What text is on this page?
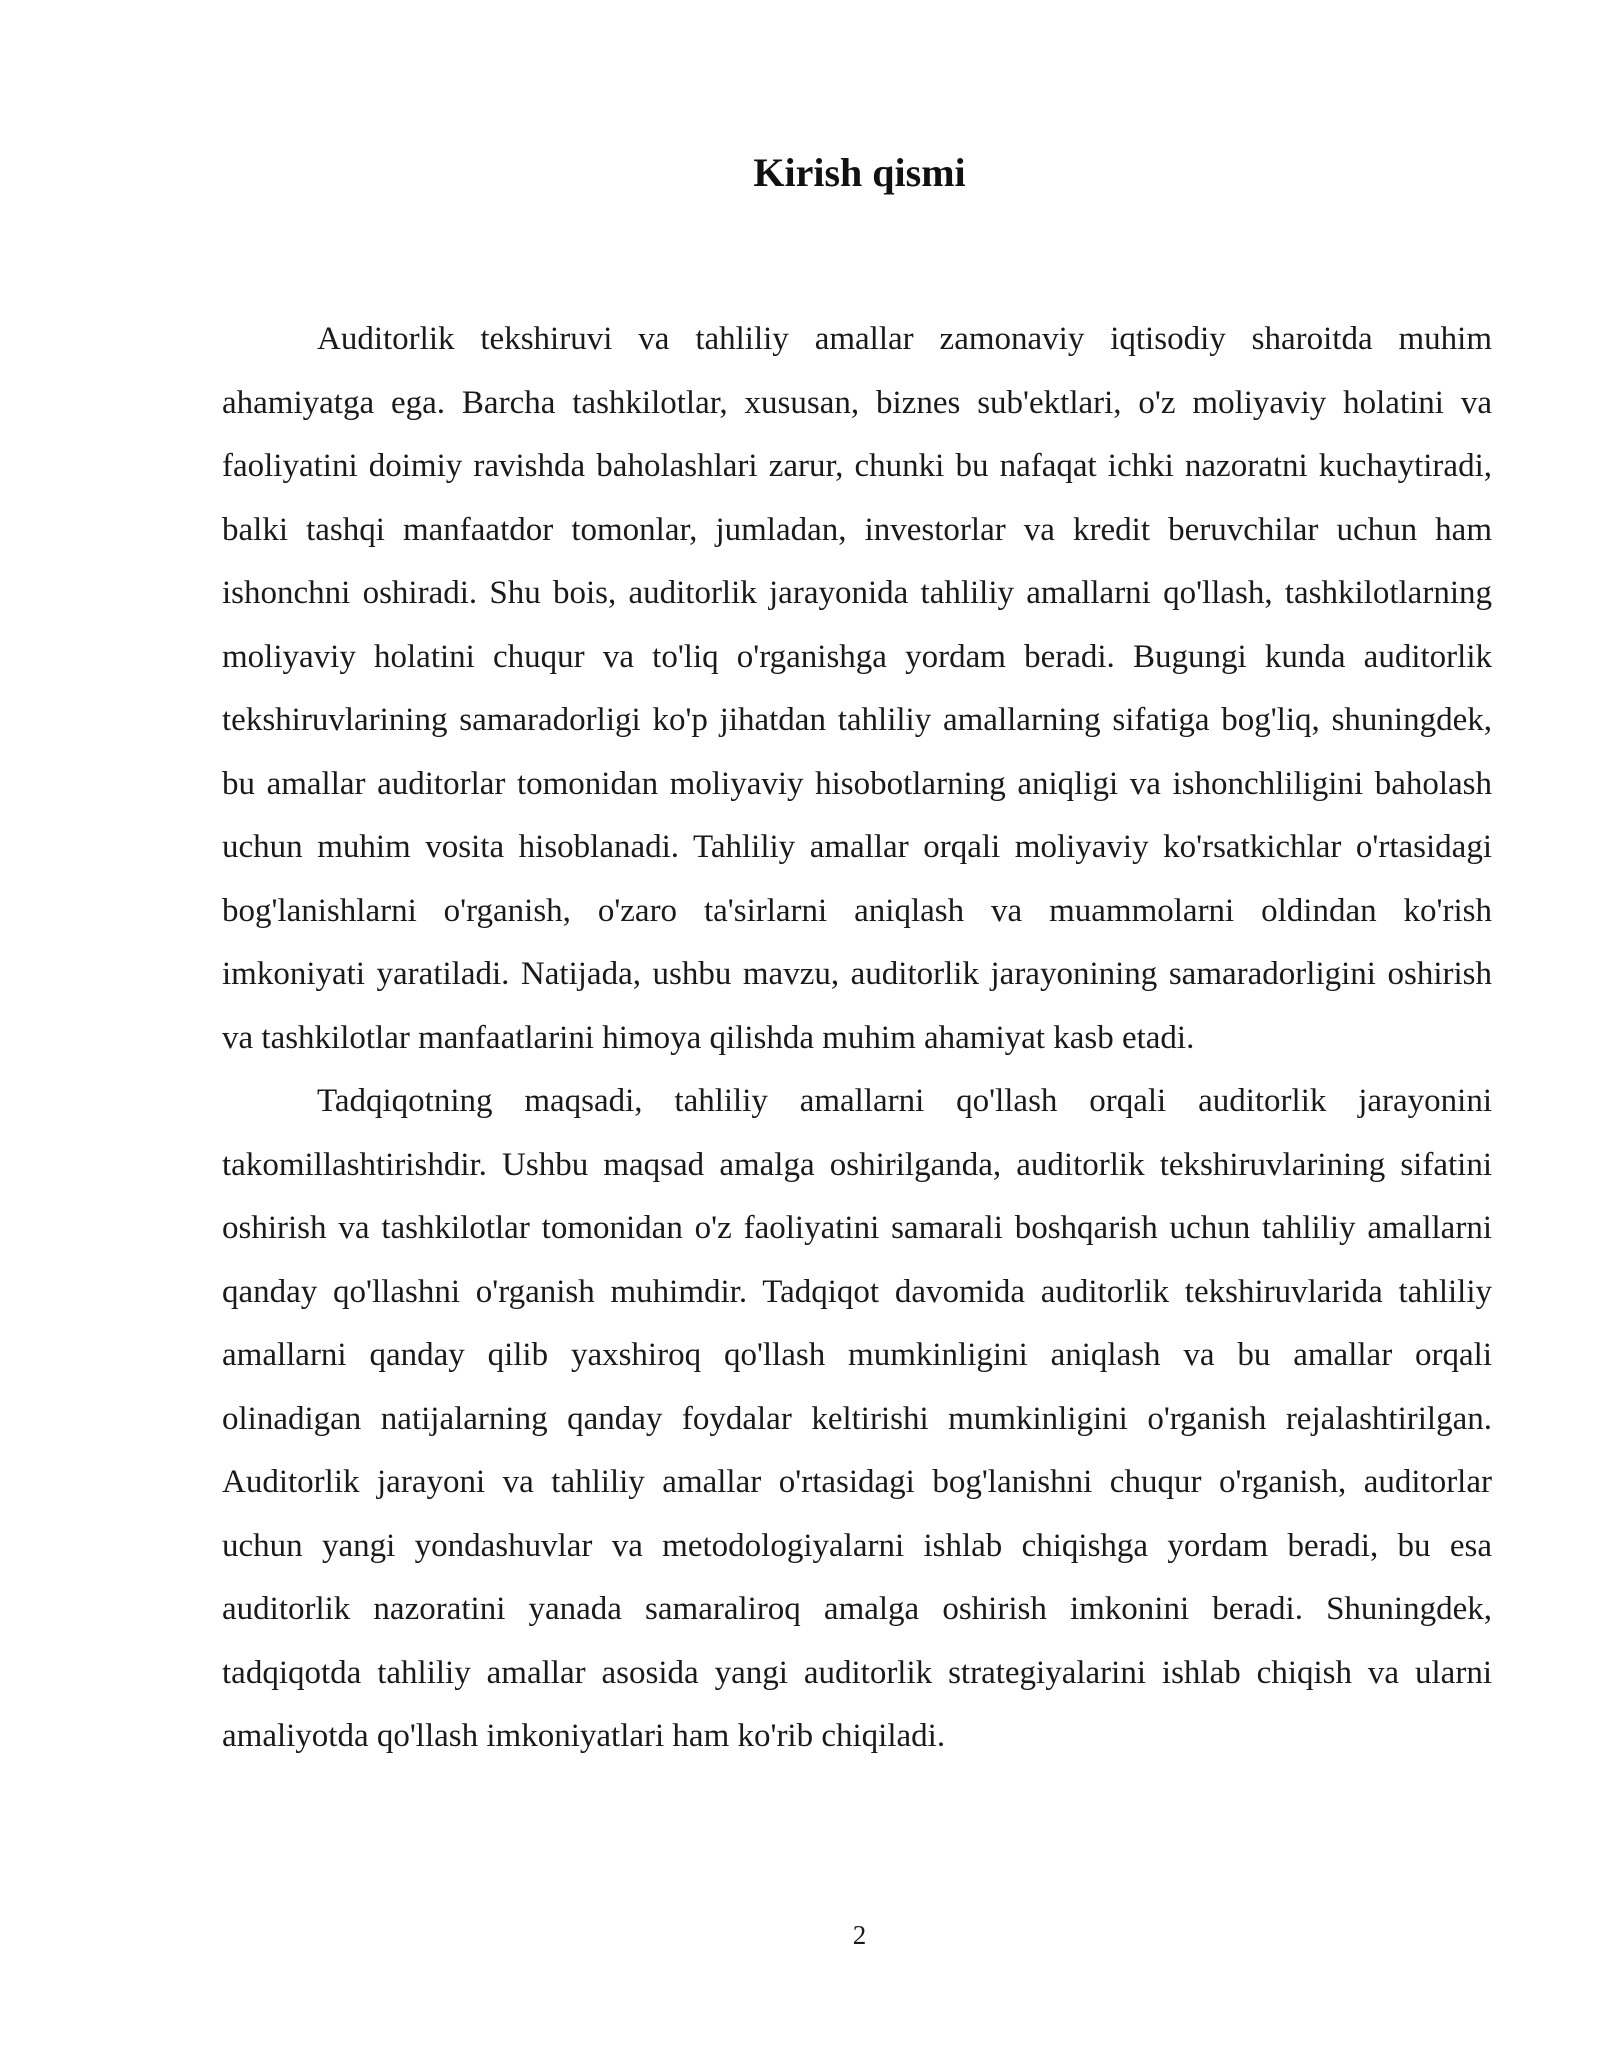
Kirish qismi

Auditorlik tekshiruvi va tahliliy amallar zamonaviy iqtisodiy sharoitda muhim ahamiyatga ega. Barcha tashkilotlar, xususan, biznes sub'ektlari, o'z moliyaviy holatini va faoliyatini doimiy ravishda baholashlari zarur, chunki bu nafaqat ichki nazoratni kuchaytiradi, balki tashqi manfaatdor tomonlar, jumladan, investorlar va kredit beruvchilar uchun ham ishonchni oshiradi. Shu bois, auditorlik jarayonida tahliliy amallarni qo'llash, tashkilotlarning moliyaviy holatini chuqur va to'liq o'rganishga yordam beradi. Bugungi kunda auditorlik tekshiruvlarining samaradorligi ko'p jihatdan tahliliy amallarning sifatiga bog'liq, shuningdek, bu amallar auditorlar tomonidan moliyaviy hisobotlarning aniqligi va ishonchliligini baholash uchun muhim vosita hisoblanadi. Tahliliy amallar orqali moliyaviy ko'rsatkichlar o'rtasidagi bog'lanishlarni o'rganish, o'zaro ta'sirlarni aniqlash va muammolarni oldindan ko'rish imkoniyati yaratiladi. Natijada, ushbu mavzu, auditorlik jarayonining samaradorligini oshirish va tashkilotlar manfaatlarini himoya qilishda muhim ahamiyat kasb etadi.

Tadqiqotning maqsadi, tahliliy amallarni qo'llash orqali auditorlik jarayonini takomillashtirishdir. Ushbu maqsad amalga oshirilganda, auditorlik tekshiruvlarining sifatini oshirish va tashkilotlar tomonidan o'z faoliyatini samarali boshqarish uchun tahliliy amallarni qanday qo'llashni o'rganish muhimdir. Tadqiqot davomida auditorlik tekshiruvlarida tahliliy amallarni qanday qilib yaxshiroq qo'llash mumkinligini aniqlash va bu amallar orqali olinadigan natijalarning qanday foydalar keltirishi mumkinligini o'rganish rejalashtirilgan. Auditorlik jarayoni va tahliliy amallar o'rtasidagi bog'lanishni chuqur o'rganish, auditorlar uchun yangi yondashuvlar va metodologiyalarni ishlab chiqishga yordam beradi, bu esa auditorlik nazoratini yanada samaraliroq amalga oshirish imkonini beradi. Shuningdek, tadqiqotda tahliliy amallar asosida yangi auditorlik strategiyalarini ishlab chiqish va ularni amaliyotda qo'llash imkoniyatlari ham ko'rib chiqiladi.

2
